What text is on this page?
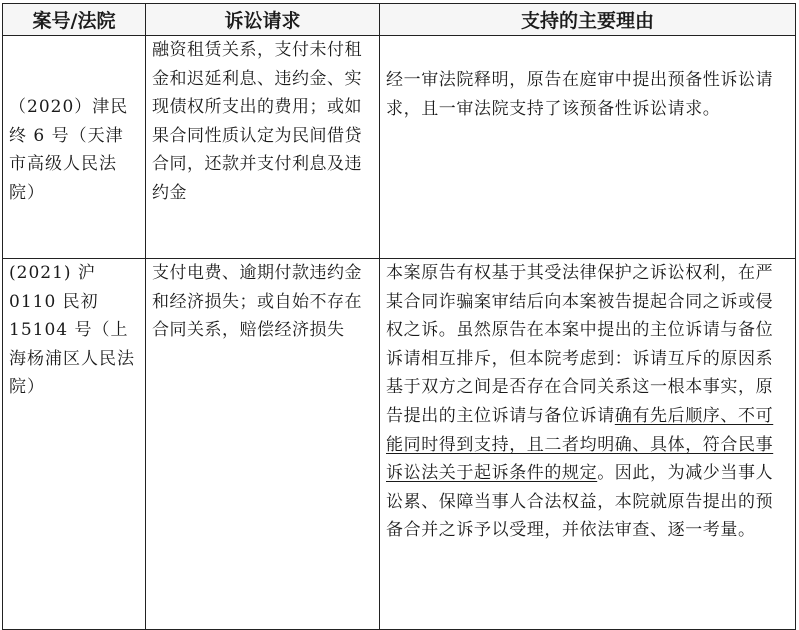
案号/法院	诉讼请求	支持的主要理由

（2020）津民终 6 号（天津市高级人民法院）	融资租赁关系，支付未付租金和迟延利息、违约金、实现债权所支出的费用；或如果合同性质认定为民间借贷合同，还款并支付利息及违约金	经一审法院释明，原告在庭审中提出预备性诉讼请求，且一审法院支持了该预备性诉讼请求。
(2021) 沪 0110 民初 15104 号（上海杨浦区人民法院）	支付电费、逾期付款违约金和经济损失；或自始不存在合同关系，赔偿经济损失	本案原告有权基于其受法律保护之诉讼权利，在严某合同诈骗案审结后向本案被告提起合同之诉或侵权之诉。虽然原告在本案中提出的主位诉请与备位诉请相互排斥，但本院考虑到：诉请互斥的原因系基于双方之间是否存在合同关系这一根本事实，原告提出的主位诉请与备位诉请确有先后顺序、不可能同时得到支持，且二者均明确、具体，符合民事诉讼法关于起诉条件的规定。因此，为减少当事人讼累、保障当事人合法权益，本院就原告提出的预备合并之诉予以受理，并依法审查、逐一考量。
